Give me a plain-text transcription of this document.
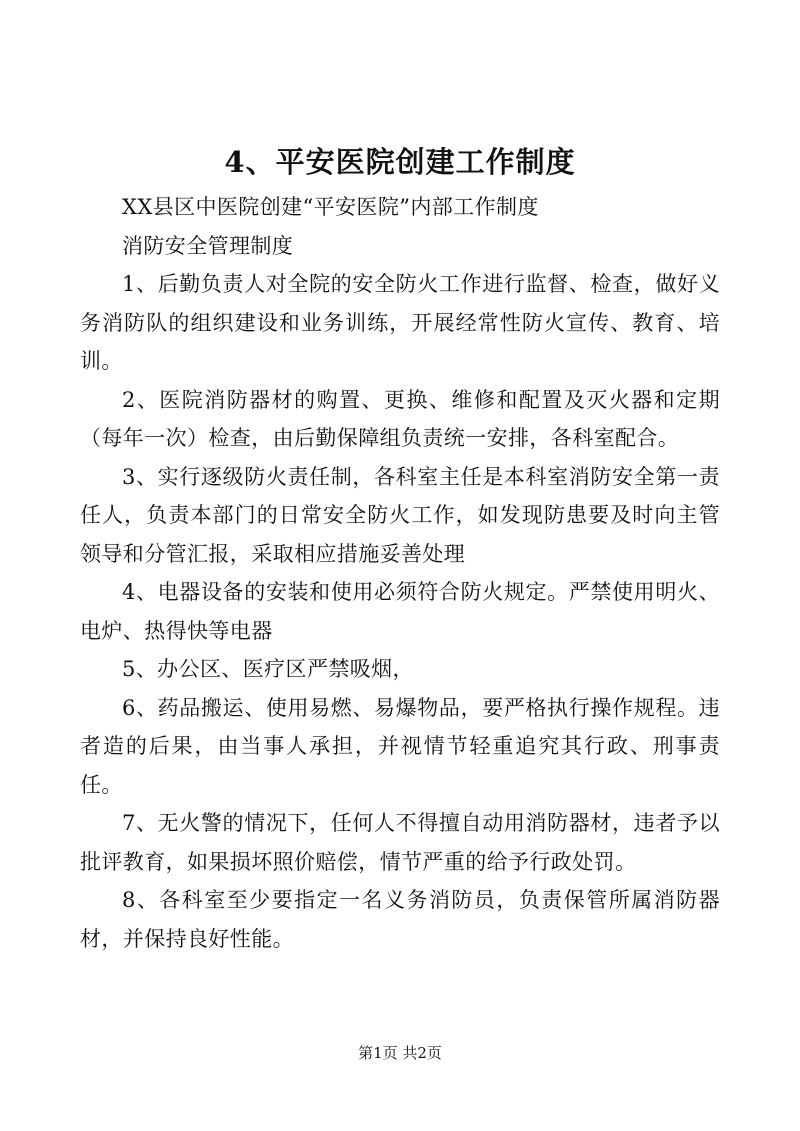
4、平安医院创建工作制度

XX县区中医院创建“平安医院”内部工作制度

消防安全管理制度

1、后勤负责人对全院的安全防火工作进行监督、检查，做好义务消防队的组织建设和业务训练，开展经常性防火宣传、教育、培训。

2、医院消防器材的购置、更换、维修和配置及灭火器和定期（每年一次）检查，由后勤保障组负责统一安排，各科室配合。

3、实行逐级防火责任制，各科室主任是本科室消防安全第一责任人，负责本部门的日常安全防火工作，如发现防患要及时向主管领导和分管汇报，采取相应措施妥善处理

4、电器设备的安装和使用必须符合防火规定。严禁使用明火、电炉、热得快等电器

5、办公区、医疗区严禁吸烟，

6、药品搬运、使用易燃、易爆物品，要严格执行操作规程。违者造的后果，由当事人承担，并视情节轻重追究其行政、刑事责任。

7、无火警的情况下，任何人不得擅自动用消防器材，违者予以批评教育，如果损坏照价赔偿，情节严重的给予行政处罚。

8、各科室至少要指定一名义务消防员，负责保管所属消防器材，并保持良好性能。

第1页 共2页
